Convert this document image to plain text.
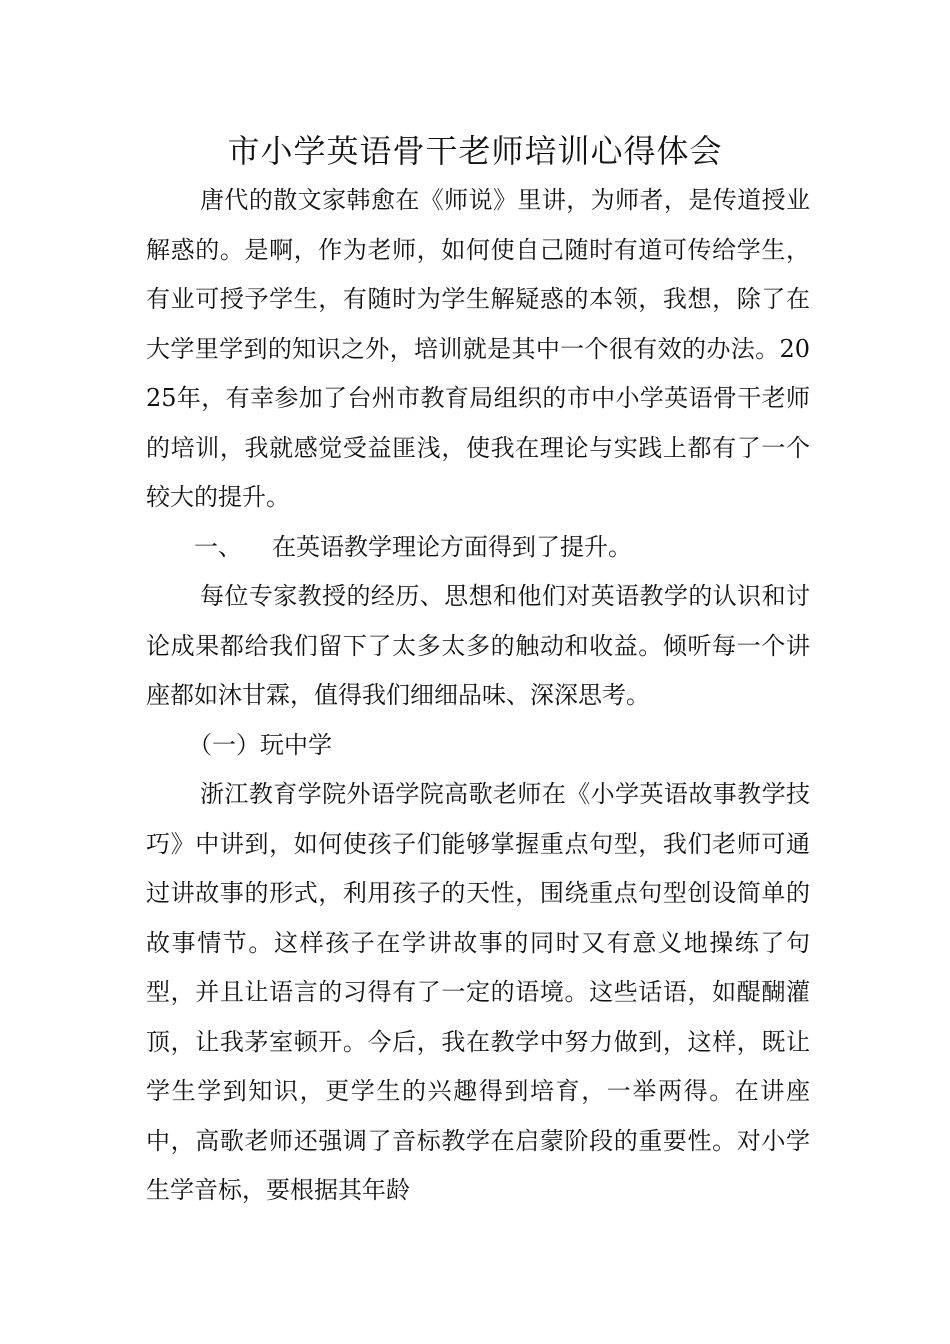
市小学英语骨干老师培训心得体会

唐代的散文家韩愈在《师说》里讲，为师者，是传道授业解惑的。是啊，作为老师，如何使自己随时有道可传给学生，有业可授予学生，有随时为学生解疑惑的本领，我想，除了在大学里学到的知识之外，培训就是其中一个很有效的办法。2025年，有幸参加了台州市教育局组织的市中小学英语骨干老师的培训，我就感觉受益匪浅，使我在理论与实践上都有了一个较大的提升。

一、 在英语教学理论方面得到了提升。

每位专家教授的经历、思想和他们对英语教学的认识和讨论成果都给我们留下了太多太多的触动和收益。倾听每一个讲座都如沐甘霖，值得我们细细品味、深深思考。

（一）玩中学

浙江教育学院外语学院高歌老师在《小学英语故事教学技巧》中讲到，如何使孩子们能够掌握重点句型，我们老师可通过讲故事的形式，利用孩子的天性，围绕重点句型创设简单的故事情节。这样孩子在学讲故事的同时又有意义地操练了句型，并且让语言的习得有了一定的语境。这些话语，如醍醐灌顶，让我茅室顿开。今后，我在教学中努力做到，这样，既让学生学到知识，更学生的兴趣得到培育，一举两得。在讲座中，高歌老师还强调了音标教学在启蒙阶段的重要性。对小学生学音标，要根据其年龄
